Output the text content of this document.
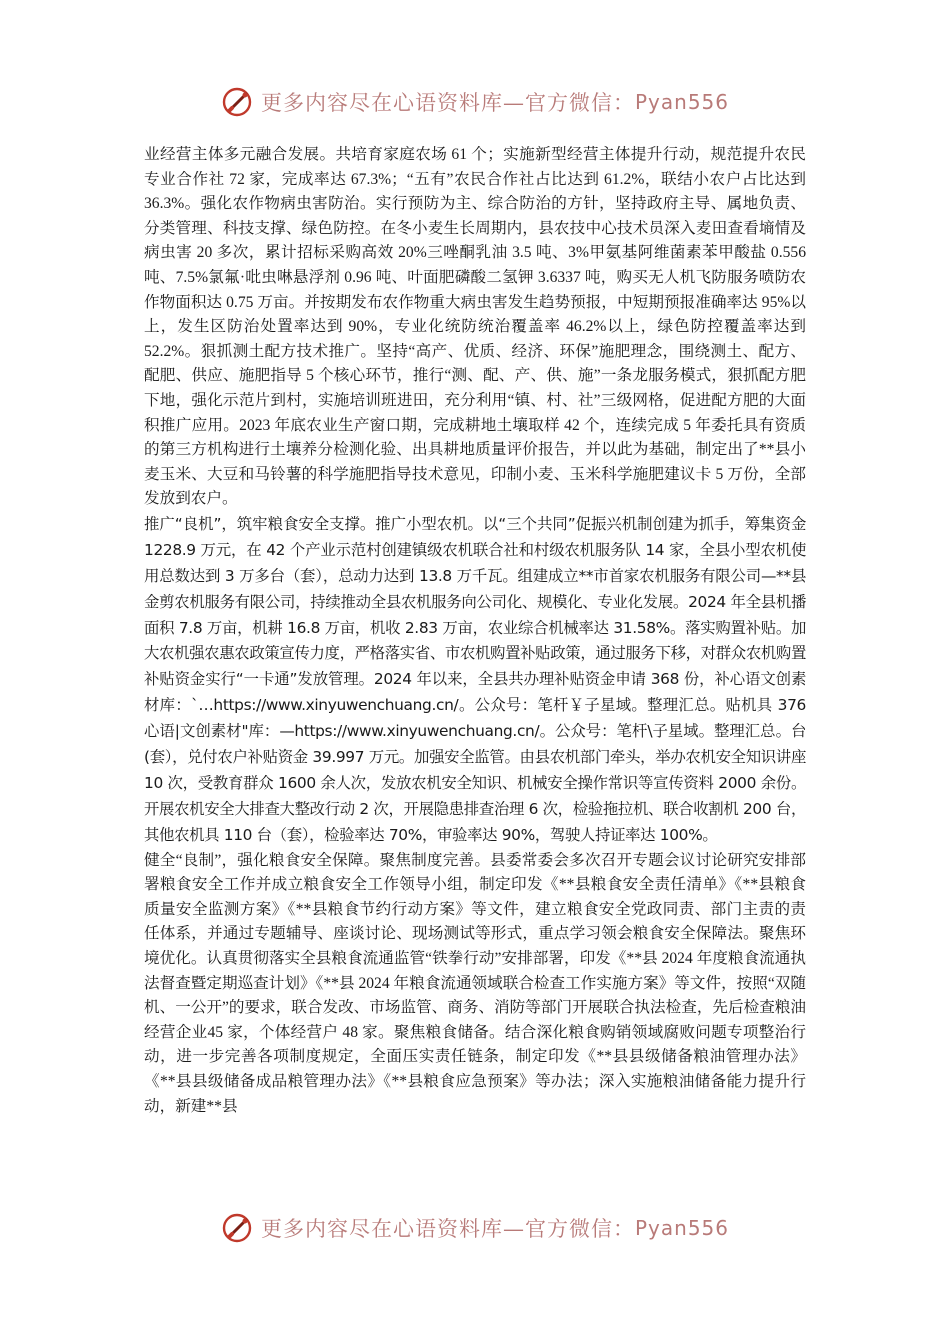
更多内容尽在心语资料库—官方微信： Pyan556

业经营主体多元融合发展。共培育家庭农场 61 个；实施新型经营主体提升行动，规范提升农民专业合作社 72 家，完成率达 67.3%；“五有”农民合作社占比达到 61.2%，联结小农户占比达到 36.3%。强化农作物病虫害防治。实行预防为主、综合防治的方针，坚持政府主导、属地负责、分类管理、科技支撑、绿色防控。在冬小麦生长周期内，县农技中心技术员深入麦田查看墒情及病虫害 20 多次，累计招标采购高效 20%三唑酮乳油 3.5 吨、3%甲氨基阿维菌素苯甲酸盐 0.556 吨、7.5%氯氟·吡虫啉悬浮剂 0.96 吨、叶面肥磷酸二氢钾 3.6337 吨，购买无人机飞防服务喷防农作物面积达 0.75 万亩。并按期发布农作物重大病虫害发生趋势预报，中短期预报准确率达 95%以上，发生区防治处置率达到 90%，专业化统防统治覆盖率 46.2%以上，绿色防控覆盖率达到 52.2%。狠抓测土配方技术推广。坚持“高产、优质、经济、环保”施肥理念，围绕测土、配方、配肥、供应、施肥指导 5 个核心环节，推行“测、配、产、供、施”一条龙服务模式，狠抓配方肥下地，强化示范片到村，实施培训班进田，充分利用“镇、村、社”三级网格，促进配方肥的大面积推广应用。2023 年底农业生产窗口期，完成耕地土壤取样 42 个，连续完成 5 年委托具有资质的第三方机构进行土壤养分检测化验、出具耕地质量评价报告，并以此为基础，制定出了**县小麦玉米、大豆和马铃薯的科学施肥指导技术意见，印制小麦、玉米科学施肥建议卡 5 万份，全部发放到农户。

推广“良机”，筑牢粮食安全支撑。推广小型农机。以“三个共同”促振兴机制创建为抓手，筹集资金 1228.9 万元，在 42 个产业示范村创建镇级农机联合社和村级农机服务队 14 家，全县小型农机使用总数达到 3 万多台（套），总动力达到 13.8 万千瓦。组建成立**市首家农机服务有限公司—**县金剪农机服务有限公司，持续推动全县农机服务向公司化、规模化、专业化发展。2024 年全县机播面积 7.8 万亩，机耕 16.8 万亩，机收 2.83 万亩，农业综合机械率达 31.58%。落实购置补贴。加大农机强农惠农政策宣传力度，严格落实省、市农机购置补贴政策，通过服务下移，对群众农机购置补贴资金实行“一卡通”发放管理。2024 年以来，全县共办理补贴资金申请 368 份，补心语文创素材库：`…https://www.xinyuwenchuang.cn/。公众号：笔杆￥子星域。整理汇总。贴机具 376 心语|文创素材"库：—https://www.xinyuwenchuang.cn/。公众号：笔杆\子星域。整理汇总。台(套），兑付农户补贴资金 39.997 万元。加强安全监管。由县农机部门牵头，举办农机安全知识讲座 10 次，受教育群众 1600 余人次，发放农机安全知识、机械安全操作常识等宣传资料 2000 余份。开展农机安全大排查大整改行动 2 次，开展隐患排查治理 6 次，检验拖拉机、联合收割机 200 台，其他农机具 110 台（套），检验率达 70%，审验率达 90%，驾驶人持证率达 100%。

健全“良制”，强化粮食安全保障。聚焦制度完善。县委常委会多次召开专题会议讨论研究安排部署粮食安全工作并成立粮食安全工作领导小组，制定印发《**县粮食安全责任清单》《**县粮食质量安全监测方案》《**县粮食节约行动方案》等文件，建立粮食安全党政同责、部门主责的责任体系，并通过专题辅导、座谈讨论、现场测试等形式，重点学习领会粮食安全保障法。聚焦环境优化。认真贯彻落实全县粮食流通监管“铁拳行动”安排部署，印发《**县 2024 年度粮食流通执法督查暨定期巡查计划》《**县 2024 年粮食流通领域联合检查工作实施方案》等文件，按照“双随机、一公开”的要求，联合发改、市场监管、商务、消防等部门开展联合执法检查，先后检查粮油经营企业45 家，个体经营户 48 家。聚焦粮食储备。结合深化粮食购销领域腐败问题专项整治行动，进一步完善各项制度规定，全面压实责任链条，制定印发《**县县级储备粮油管理办法》《**县县级储备成品粮管理办法》《**县粮食应急预案》等办法；深入实施粮油储备能力提升行动，新建**县

更多内容尽在心语资料库—官方微信： Pyan556
